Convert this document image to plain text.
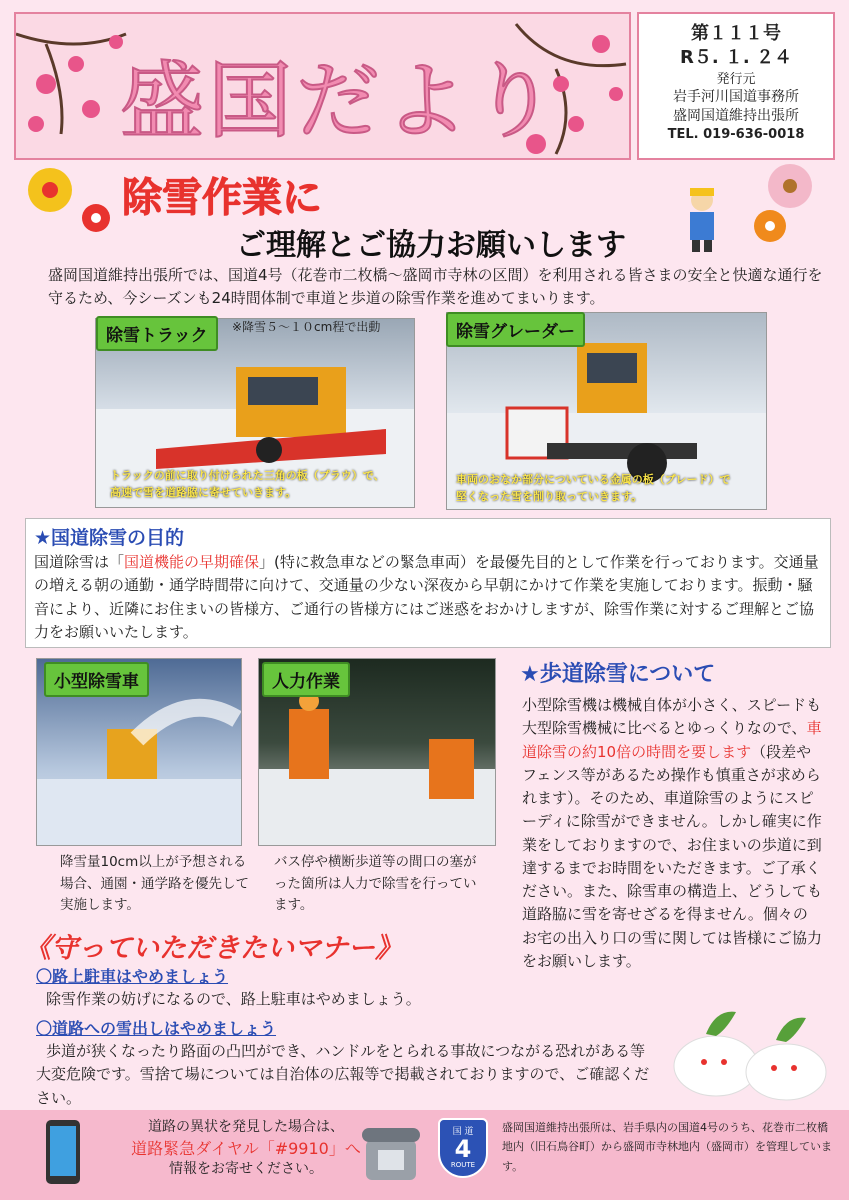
盛国だより
第１１１号
R５. １. ２４
発行元
岩手河川国道事務所
盛岡国道維持出張所
TEL. 019-636-0018
除雪作業に
ご理解とご協力お願いします
盛岡国道維持出張所では、国道4号（花巻市二枚橋～盛岡市寺林の区間）を利用される皆さまの安全と快適な通行を守るため、今シーズンも24時間体制で車道と歩道の除雪作業を進めてまいります。
除雪トラック	※降雪５～１０cm程で出動
トラックの前に取り付けられた三角の板（プラウ）で、
高速で雪を道路脇に寄せていきます。
除雪グレーダー
車両のおなか部分についている金属の板（ブレード）で
堅くなった雪を削り取っていきます。
★国道除雪の目的
国道除雪は「国道機能の早期確保」(特に救急車などの緊急車両）を最優先目的として作業を行っております。交通量の増える朝の通勤・通学時間帯に向けて、交通量の少ない深夜から早朝にかけて作業を実施しております。振動・騒音により、近隣にお住まいの皆様方、ご通行の皆様方にはご迷惑をおかけしますが、除雪作業に対するご理解とご協力をお願いいたします。
小型除雪車
降雪量10cm以上が予想される場合、通園・通学路を優先して実施します。
人力作業
バス停や横断歩道等の間口の塞がった箇所は人力で除雪を行っています。
★歩道除雪について
小型除雪機は機械自体が小さく、スピードも大型除雪機械に比べるとゆっくりなので、車道除雪の約10倍の時間を要します（段差やフェンス等があるため操作も慎重さが求められます）。そのため、車道除雪のようにスピーディに除雪ができません。しかし確実に作業をしておりますので、お住まいの歩道に到達するまでお時間をいただきます。ご了承ください。また、除雪車の構造上、どうしても道路脇に雪を寄せざるを得ません。個々のお宅の出入り口の雪に関しては皆様にご協力をお願いします。
《守っていただきたいマナー》
〇路上駐車はやめましょう
除雪作業の妨げになるので、路上駐車はやめましょう。
〇道路への雪出しはやめましょう
歩道が狭くなったり路面の凸凹ができ、ハンドルをとられる事故につながる恐れがある等大変危険です。雪捨て場については自治体の広報等で掲載されておりますので、ご確認ください。
道路の異状を発見した場合は、
道路緊急ダイヤル「#9910」へ
情報をお寄せください。
国 道
4
ROUTE
盛岡国道維持出張所は、岩手県内の国道4号のうち、花巻市二枚橋地内（旧石鳥谷町）から盛岡市寺林地内（盛岡市）を管理しています。
